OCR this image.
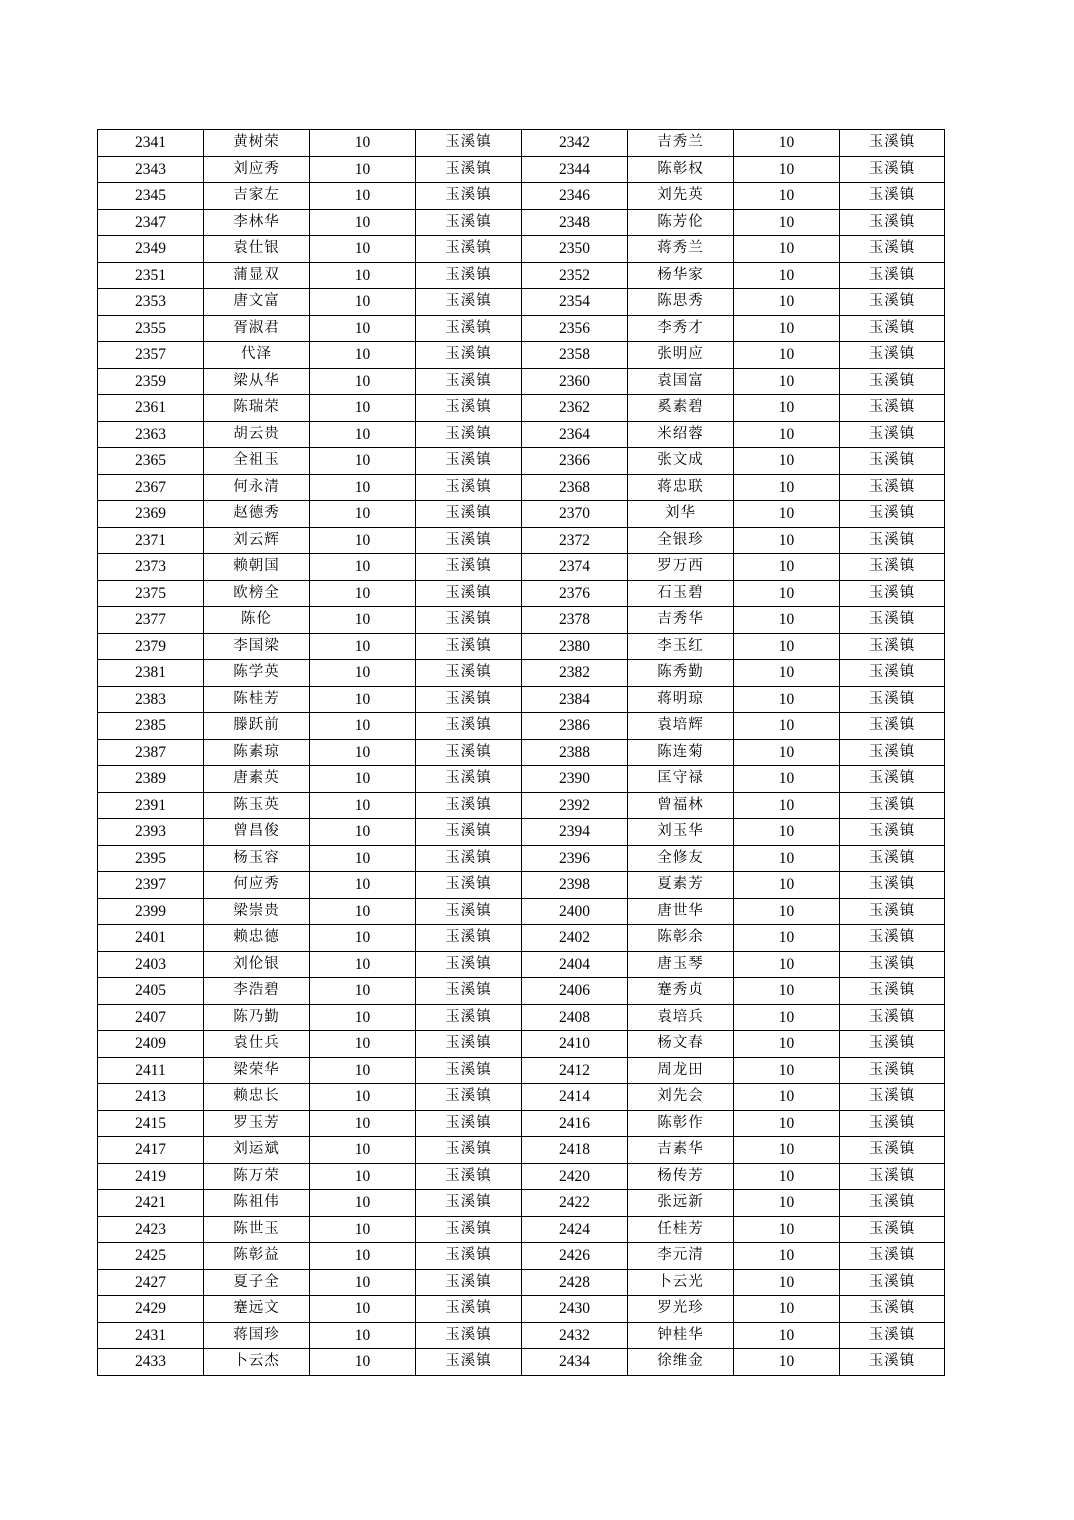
2341	黄树荣	10	玉溪镇	2342	吉秀兰	10	玉溪镇
2343	刘应秀	10	玉溪镇	2344	陈彰权	10	玉溪镇
2345	吉家左	10	玉溪镇	2346	刘先英	10	玉溪镇
2347	李林华	10	玉溪镇	2348	陈芳伦	10	玉溪镇
2349	袁仕银	10	玉溪镇	2350	蒋秀兰	10	玉溪镇
2351	蒲显双	10	玉溪镇	2352	杨华家	10	玉溪镇
2353	唐文富	10	玉溪镇	2354	陈思秀	10	玉溪镇
2355	胥淑君	10	玉溪镇	2356	李秀才	10	玉溪镇
2357	代泽	10	玉溪镇	2358	张明应	10	玉溪镇
2359	梁从华	10	玉溪镇	2360	袁国富	10	玉溪镇
2361	陈瑞荣	10	玉溪镇	2362	奚素碧	10	玉溪镇
2363	胡云贵	10	玉溪镇	2364	米绍蓉	10	玉溪镇
2365	全祖玉	10	玉溪镇	2366	张文成	10	玉溪镇
2367	何永清	10	玉溪镇	2368	蒋忠联	10	玉溪镇
2369	赵德秀	10	玉溪镇	2370	刘华	10	玉溪镇
2371	刘云辉	10	玉溪镇	2372	全银珍	10	玉溪镇
2373	赖朝国	10	玉溪镇	2374	罗万西	10	玉溪镇
2375	欧榜全	10	玉溪镇	2376	石玉碧	10	玉溪镇
2377	陈伦	10	玉溪镇	2378	吉秀华	10	玉溪镇
2379	李国梁	10	玉溪镇	2380	李玉红	10	玉溪镇
2381	陈学英	10	玉溪镇	2382	陈秀勤	10	玉溪镇
2383	陈桂芳	10	玉溪镇	2384	蒋明琼	10	玉溪镇
2385	滕跃前	10	玉溪镇	2386	袁培辉	10	玉溪镇
2387	陈素琼	10	玉溪镇	2388	陈连菊	10	玉溪镇
2389	唐素英	10	玉溪镇	2390	匡守禄	10	玉溪镇
2391	陈玉英	10	玉溪镇	2392	曾福林	10	玉溪镇
2393	曾昌俊	10	玉溪镇	2394	刘玉华	10	玉溪镇
2395	杨玉容	10	玉溪镇	2396	全修友	10	玉溪镇
2397	何应秀	10	玉溪镇	2398	夏素芳	10	玉溪镇
2399	梁崇贵	10	玉溪镇	2400	唐世华	10	玉溪镇
2401	赖忠德	10	玉溪镇	2402	陈彰余	10	玉溪镇
2403	刘伦银	10	玉溪镇	2404	唐玉琴	10	玉溪镇
2405	李浩碧	10	玉溪镇	2406	蹇秀贞	10	玉溪镇
2407	陈乃勤	10	玉溪镇	2408	袁培兵	10	玉溪镇
2409	袁仕兵	10	玉溪镇	2410	杨文春	10	玉溪镇
2411	梁荣华	10	玉溪镇	2412	周龙田	10	玉溪镇
2413	赖忠长	10	玉溪镇	2414	刘先会	10	玉溪镇
2415	罗玉芳	10	玉溪镇	2416	陈彰作	10	玉溪镇
2417	刘运斌	10	玉溪镇	2418	吉素华	10	玉溪镇
2419	陈万荣	10	玉溪镇	2420	杨传芳	10	玉溪镇
2421	陈祖伟	10	玉溪镇	2422	张远新	10	玉溪镇
2423	陈世玉	10	玉溪镇	2424	任桂芳	10	玉溪镇
2425	陈彰益	10	玉溪镇	2426	李元清	10	玉溪镇
2427	夏子全	10	玉溪镇	2428	卜云光	10	玉溪镇
2429	蹇远文	10	玉溪镇	2430	罗光珍	10	玉溪镇
2431	蒋国珍	10	玉溪镇	2432	钟桂华	10	玉溪镇
2433	卜云杰	10	玉溪镇	2434	徐维金	10	玉溪镇
